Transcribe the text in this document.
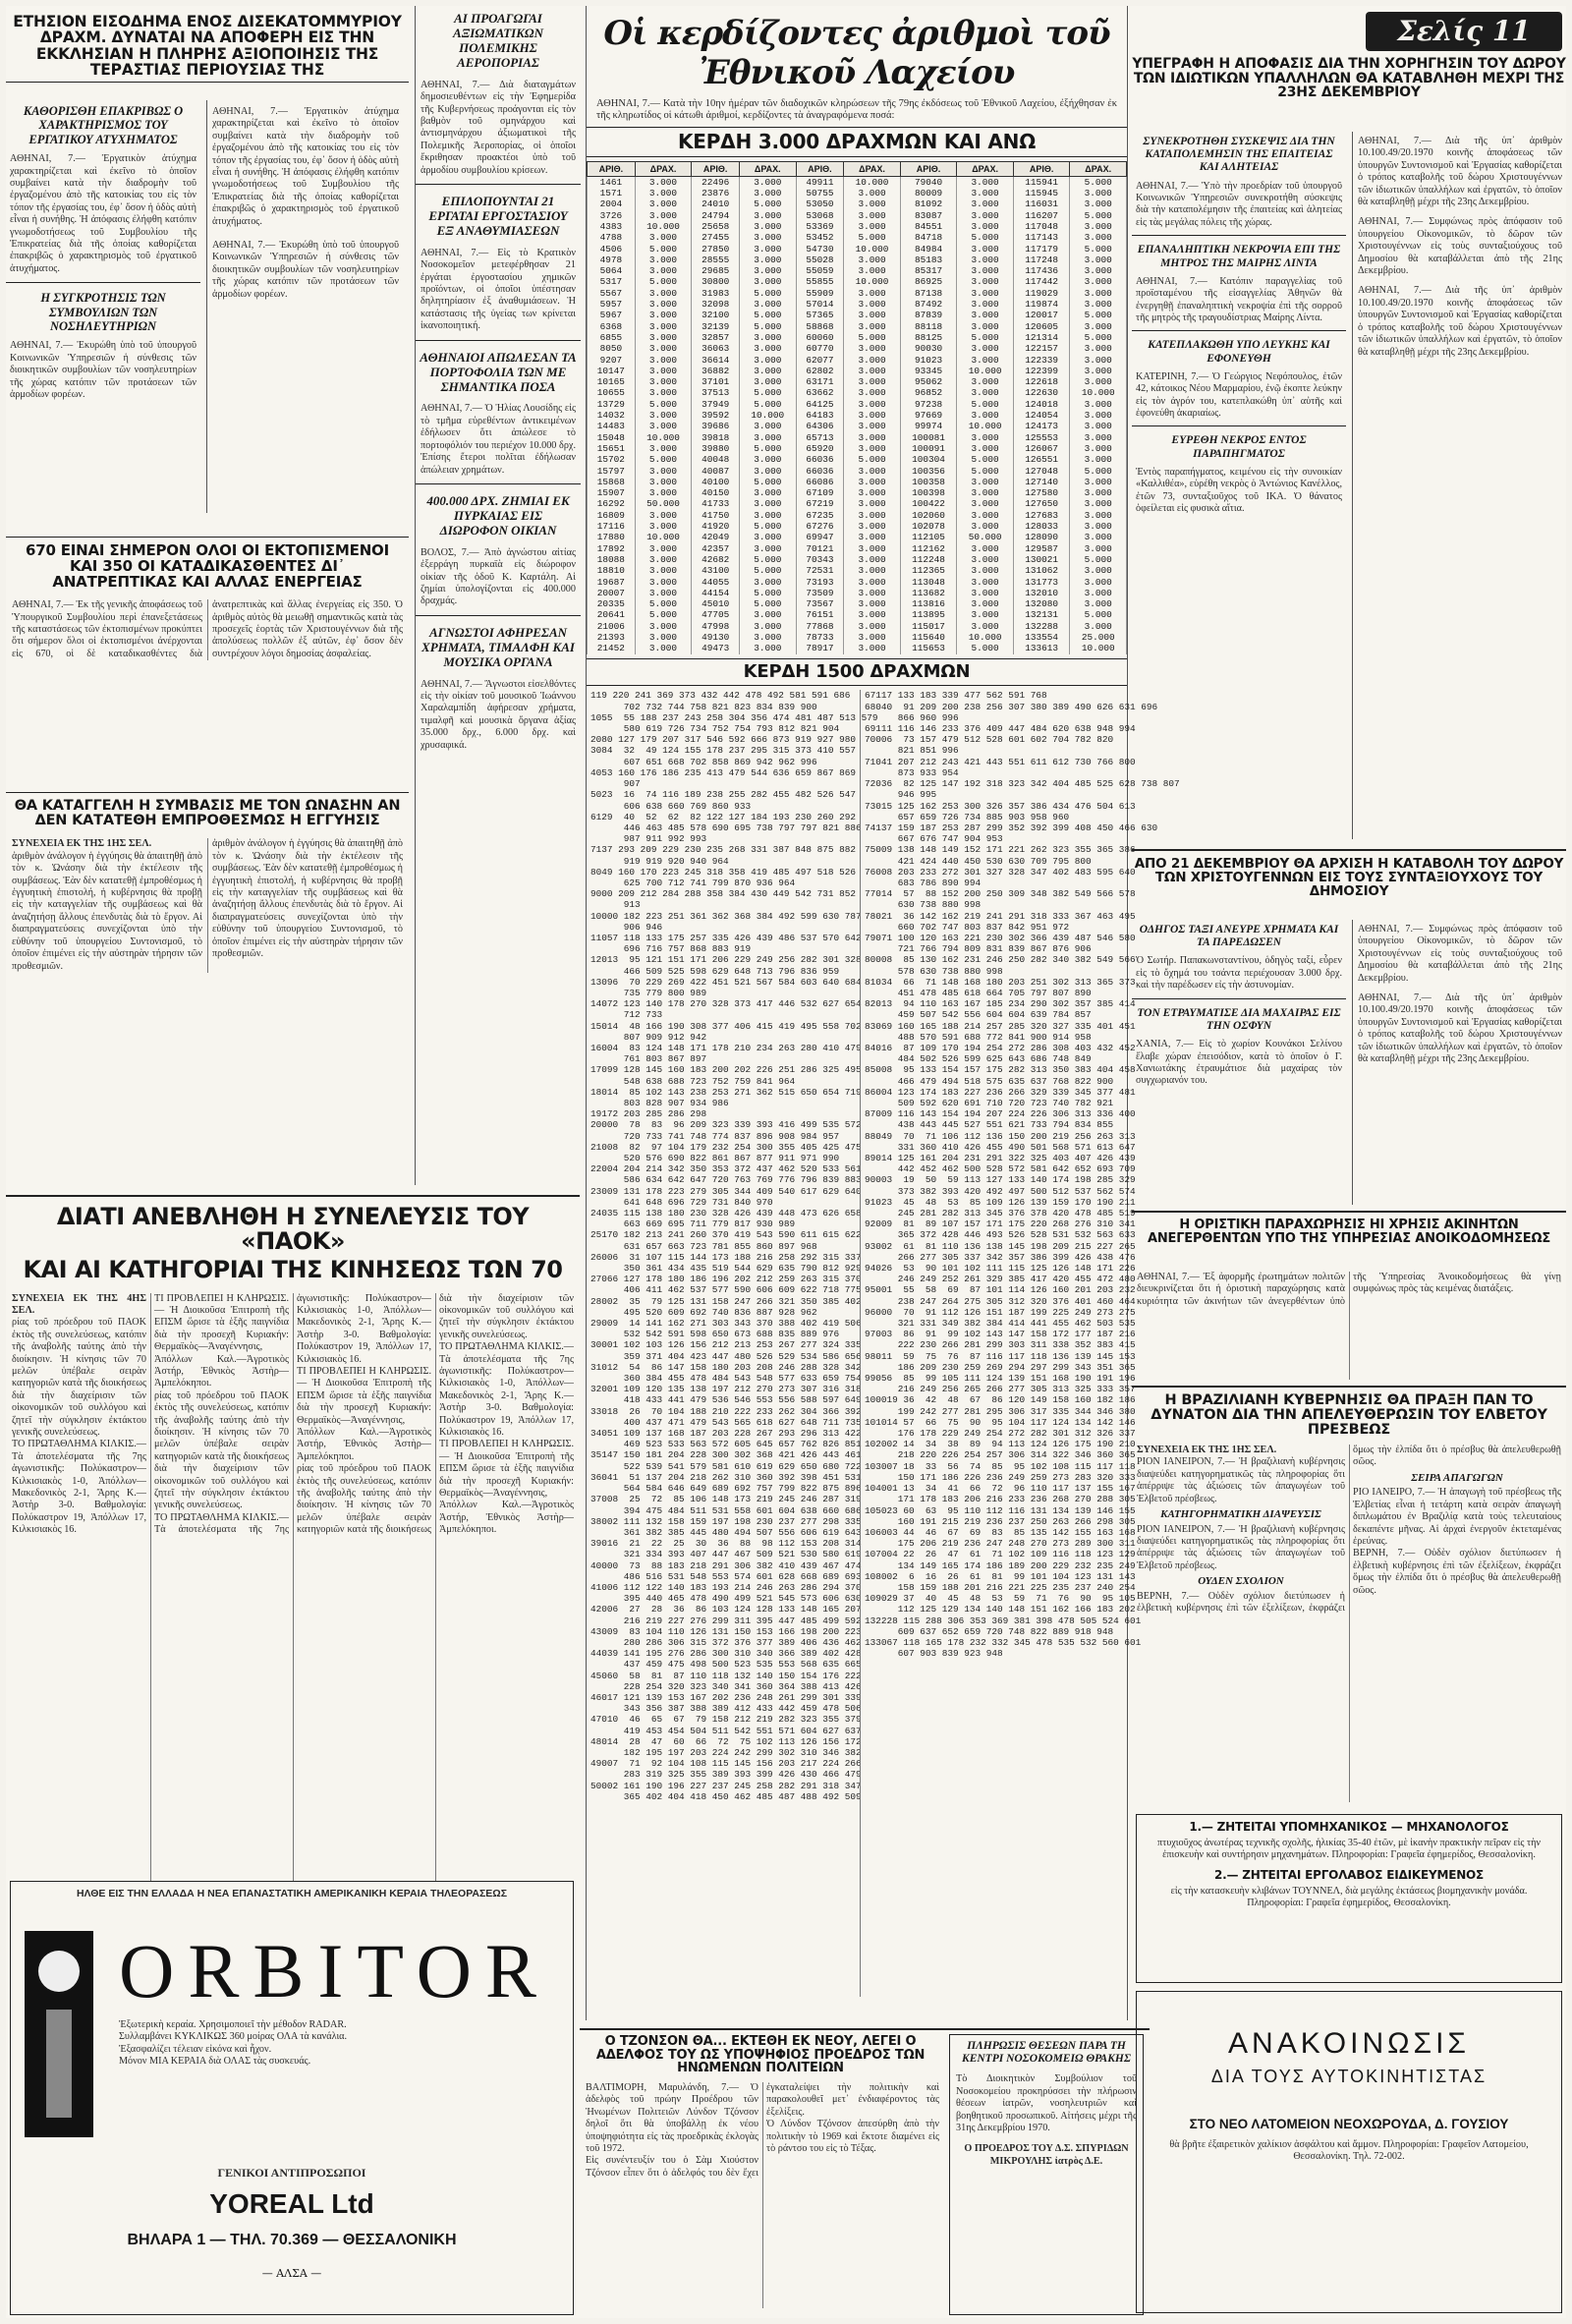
ΕΤΗΣΙΟΝ ΕΙΣΟΔΗΜΑ ΕΝΟΣ ΔΙΣΕΚΑΤΟΜΜΥΡΙΟΥ ΔΡΑΧΜ. ΔΥΝΑΤΑΙ ΝΑ ΑΠΟΦΕΡΗ ΕΙΣ ΤΗΝ ΕΚΚΛΗΣΙΑΝ Η ΠΛΗΡΗΣ ΑΞΙΟΠΟΙΗΣΙΣ ΤΗΣ ΤΕΡΑΣΤΙΑΣ ΠΕΡΙΟΥΣΙΑΣ ΤΗΣ
ΚΑΘΟΡΙΣΘΗ ΕΠΑΚΡΙΒΩΣ Ο ΧΑΡΑΚΤΗΡΙΣΜΟΣ ΤΟΥ ΕΡΓΑΤΙΚΟΥ ΑΤΥΧΗΜΑΤΟΣ
ΑΘΗΝΑΙ, 7.— Ἐργατικὸν ἀτύχημα χαρακτηρίζεται καὶ ἐκεῖνο τὸ ὁποῖον συμβαίνει κατὰ τὴν διαδρομὴν τοῦ ἐργαζομένου ἀπὸ τῆς κατοικίας του εἰς τὸν τόπον τῆς ἐργασίας του, ἐφ᾽ ὅσον ἡ ὁδὸς αὐτὴ εἶναι ἡ συνήθης. Ἡ ἀπόφασις ἐλήφθη κατόπιν γνωμοδοτήσεως τοῦ Συμβουλίου τῆς Ἐπικρατείας διὰ τῆς ὁποίας καθορίζεται ἐπακριβῶς ὁ χαρακτηρισμὸς τοῦ ἐργατικοῦ ἀτυχήματος.
Η ΣΥΓΚΡΟΤΗΣΙΣ ΤΩΝ ΣΥΜΒΟΥΛΙΩΝ ΤΩΝ ΝΟΣΗΛΕΥΤΗΡΙΩΝ
ΑΘΗΝΑΙ, 7.— Ἐκυρώθη ὑπὸ τοῦ ὑπουργοῦ Κοινωνικῶν Ὑπηρεσιῶν ἡ σύνθεσις τῶν διοικητικῶν συμβουλίων τῶν νοσηλευτηρίων τῆς χώρας κατόπιν τῶν προτάσεων τῶν ἀρμοδίων φορέων.
ΑΘΗΝΑΙ, 7.— Ἐργατικὸν ἀτύχημα χαρακτηρίζεται καὶ ἐκεῖνο τὸ ὁποῖον συμβαίνει κατὰ τὴν διαδρομὴν τοῦ ἐργαζομένου ἀπὸ τῆς κατοικίας του εἰς τὸν τόπον τῆς ἐργασίας του, ἐφ᾽ ὅσον ἡ ὁδὸς αὐτὴ εἶναι ἡ συνήθης. Ἡ ἀπόφασις ἐλήφθη κατόπιν γνωμοδοτήσεως τοῦ Συμβουλίου τῆς Ἐπικρατείας διὰ τῆς ὁποίας καθορίζεται ἐπακριβῶς ὁ χαρακτηρισμὸς τοῦ ἐργατικοῦ ἀτυχήματος.
ΑΘΗΝΑΙ, 7.— Ἐκυρώθη ὑπὸ τοῦ ὑπουργοῦ Κοινωνικῶν Ὑπηρεσιῶν ἡ σύνθεσις τῶν διοικητικῶν συμβουλίων τῶν νοσηλευτηρίων τῆς χώρας κατόπιν τῶν προτάσεων τῶν ἀρμοδίων φορέων.
670 ΕΙΝΑΙ ΣΗΜΕΡΟΝ ΟΛΟΙ ΟΙ ΕΚΤΟΠΙΣΜΕΝΟΙ ΚΑΙ 350 ΟΙ ΚΑΤΑΔΙΚΑΣΘΕΝΤΕΣ ΔΙ᾽ ΑΝΑΤΡΕΠΤΙΚΑΣ ΚΑΙ ΑΛΛΑΣ ΕΝΕΡΓΕΙΑΣ
ΑΘΗΝΑΙ, 7.— Ἐκ τῆς γενικῆς ἀποφάσεως τοῦ Ὑπουργικοῦ Συμβουλίου περὶ ἐπανεξετάσεως τῆς καταστάσεως τῶν ἐκτοπισμένων προκύπτει ὅτι σήμερον ὅλοι οἱ ἐκτοπισμένοι ἀνέρχονται εἰς 670, οἱ δὲ καταδικασθέντες διὰ ἀνατρεπτικὰς καὶ ἄλλας ἐνεργείας εἰς 350. Ὁ ἀριθμὸς αὐτὸς θὰ μειωθῇ σημαντικῶς κατὰ τὰς προσεχεῖς ἑορτὰς τῶν Χριστουγέννων διὰ τῆς ἀπολύσεως πολλῶν ἐξ αὐτῶν, ἐφ᾽ ὅσον δὲν συντρέχουν λόγοι δημοσίας ἀσφαλείας.
ΘΑ ΚΑΤΑΓΓΕΛΗ Η ΣΥΜΒΑΣΙΣ ΜΕ ΤΟΝ ΩΝΑΣΗΝ ΑΝ ΔΕΝ ΚΑΤΑΤΕΘΗ ΕΜΠΡΟΘΕΣΜΩΣ Η ΕΓΓΥΗΣΙΣ
ΣΥΝΕΧΕΙΑ ΕΚ ΤΗΣ 1ΗΣ ΣΕΛ.
ἀριθμὸν ἀνάλογον ἡ ἐγγύησις θὰ ἀπαιτηθῇ ἀπὸ τὸν κ. Ὠνάσην διὰ τὴν ἐκτέλεσιν τῆς συμβάσεως. Ἐὰν δὲν κατατεθῇ ἐμπροθέσμως ἡ ἐγγυητικὴ ἐπιστολή, ἡ κυβέρνησις θὰ προβῇ εἰς τὴν καταγγελίαν τῆς συμβάσεως καὶ θὰ ἀναζητήσῃ ἄλλους ἐπενδυτὰς διὰ τὸ ἔργον. Αἱ διαπραγματεύσεις συνεχίζονται ὑπὸ τὴν εὐθύνην τοῦ ὑπουργείου Συντονισμοῦ, τὸ ὁποῖον ἐπιμένει εἰς τὴν αὐστηρὰν τήρησιν τῶν προθεσμιῶν.
ἀριθμὸν ἀνάλογον ἡ ἐγγύησις θὰ ἀπαιτηθῇ ἀπὸ τὸν κ. Ὠνάσην διὰ τὴν ἐκτέλεσιν τῆς συμβάσεως. Ἐὰν δὲν κατατεθῇ ἐμπροθέσμως ἡ ἐγγυητικὴ ἐπιστολή, ἡ κυβέρνησις θὰ προβῇ εἰς τὴν καταγγελίαν τῆς συμβάσεως καὶ θὰ ἀναζητήσῃ ἄλλους ἐπενδυτὰς διὰ τὸ ἔργον. Αἱ διαπραγματεύσεις συνεχίζονται ὑπὸ τὴν εὐθύνην τοῦ ὑπουργείου Συντονισμοῦ, τὸ ὁποῖον ἐπιμένει εἰς τὴν αὐστηρὰν τήρησιν τῶν προθεσμιῶν.
ΑΙ ΠΡΟΑΓΩΓΑΙ ΑΞΙΩΜΑΤΙΚΩΝ ΠΟΛΕΜΙΚΗΣ ΑΕΡΟΠΟΡΙΑΣ
ΑΘΗΝΑΙ, 7.— Διὰ διαταγμάτων δημοσιευθέντων εἰς τὴν Ἐφημερίδα τῆς Κυβερνήσεως προάγονται εἰς τὸν βαθμὸν τοῦ σμηνάρχου καὶ ἀντισμηνάρχου ἀξιωματικοὶ τῆς Πολεμικῆς Ἀεροπορίας, οἱ ὁποῖοι ἔκριθησαν προακτέοι ὑπὸ τοῦ ἀρμοδίου συμβουλίου κρίσεων.
ΕΠΙΛΟΠΟΥΝΤΑΙ 21 ΕΡΓΑΤΑΙ ΕΡΓΟΣΤΑΣΙΟΥ ΕΞ ΑΝΑΘΥΜΙΑΣΕΩΝ
ΑΘΗΝΑΙ, 7.— Εἰς τὸ Κρατικὸν Νοσοκομεῖον μετεφέρθησαν 21 ἐργάται ἐργοστασίου χημικῶν προϊόντων, οἱ ὁποῖοι ὑπέστησαν δηλητηρίασιν ἐξ ἀναθυμιάσεων. Ἡ κατάστασις τῆς ὑγείας των κρίνεται ἱκανοποιητική.
ΑΘΗΝΑΙΟΙ ΑΠΩΛΕΣΑΝ ΤΑ ΠΟΡΤΟΦΟΛΙΑ ΤΩΝ ΜΕ ΣΗΜΑΝΤΙΚΑ ΠΟΣΑ
ΑΘΗΝΑΙ, 7.— Ὁ Ἠλίας Λουσίδης εἰς τὸ τμῆμα εὑρεθέντων ἀντικειμένων ἐδήλωσεν ὅτι ἀπώλεσε τὸ πορτοφόλιόν του περιέχον 10.000 δρχ. Ἐπίσης ἕτεροι πολῖται ἐδήλωσαν ἀπώλειαν χρημάτων.
400.000 ΔΡΧ. ΖΗΜΙΑΙ ΕΚ ΠΥΡΚΑΙΑΣ ΕΙΣ ΔΙΩΡΟΦΟΝ ΟΙΚΙΑΝ
ΒΟΛΟΣ, 7.— Ἀπὸ ἀγνώστου αἰτίας ἐξερράγη πυρκαϊὰ εἰς διώροφον οἰκίαν τῆς ὁδοῦ Κ. Καρτάλη. Αἱ ζημίαι ὑπολογίζονται εἰς 400.000 δραχμάς.
ΑΓΝΩΣΤΟΙ ΑΦΗΡΕΣΑΝ ΧΡΗΜΑΤΑ, ΤΙΜΑΛΦΗ ΚΑΙ ΜΟΥΣΙΚΑ ΟΡΓΑΝΑ
ΑΘΗΝΑΙ, 7.— Ἄγνωστοι εἰσελθόντες εἰς τὴν οἰκίαν τοῦ μουσικοῦ Ἰωάννου Χαραλαμπίδη ἀφήρεσαν χρήματα, τιμαλφῆ καὶ μουσικὰ ὄργανα ἀξίας 35.000 δρχ., 6.000 δρχ. καὶ χρυσαφικά.
ΔΙΑΤΙ ΑΝΕΒΛΗΘΗ Η ΣΥΝΕΛΕΥΣΙΣ ΤΟΥ «ΠΑΟΚ»
ΚΑΙ ΑΙ ΚΑΤΗΓΟΡΙΑΙ ΤΗΣ ΚΙΝΗΣΕΩΣ ΤΩΝ 70
ΣΥΝΕΧΕΙΑ ΕΚ ΤΗΣ 4ΗΣ ΣΕΛ.
ρίας τοῦ πρόεδρου τοῦ ΠΑΟΚ ἐκτὸς τῆς συνελεύσεως, κατόπιν τῆς ἀναβολῆς ταύτης ἀπὸ τὴν διοίκησιν. Ἡ κίνησις τῶν 70 μελῶν ὑπέβαλε σειρὰν κατηγοριῶν κατὰ τῆς διοικήσεως διὰ τὴν διαχείρισιν τῶν οἰκονομικῶν τοῦ συλλόγου καὶ ζητεῖ τὴν σύγκλησιν ἐκτάκτου γενικῆς συνελεύσεως.
ΤΟ ΠΡΩΤΑΘΛΗΜΑ ΚΙΛΚΙΣ.— Τὰ ἀποτελέσματα τῆς 7ης ἀγωνιστικῆς: Πολύκαστρον—Κιλκισιακὸς 1-0, Ἀπόλλων—Μακεδονικὸς 2-1, Ἄρης Κ.—Ἀστὴρ 3-0. Βαθμολογία: Πολύκαστρον 19, Ἀπόλλων 17, Κιλκισιακὸς 16.
ΤΙ ΠΡΟΒΛΕΠΕΙ Η ΚΛΗΡΩΣΙΣ.— Ἡ Διοικοῦσα Ἐπιτροπὴ τῆς ΕΠΣΜ ὥρισε τὰ ἑξῆς παιγνίδια διὰ τὴν προσεχῆ Κυριακήν: Θερμαϊκὸς—Ἀναγέννησις, Ἀπόλλων Καλ.—Ἀγροτικὸς Ἀστήρ, Ἐθνικὸς Ἀστὴρ—Ἀμπελόκηποι.
ρίας τοῦ πρόεδρου τοῦ ΠΑΟΚ ἐκτὸς τῆς συνελεύσεως, κατόπιν τῆς ἀναβολῆς ταύτης ἀπὸ τὴν διοίκησιν. Ἡ κίνησις τῶν 70 μελῶν ὑπέβαλε σειρὰν κατηγοριῶν κατὰ τῆς διοικήσεως διὰ τὴν διαχείρισιν τῶν οἰκονομικῶν τοῦ συλλόγου καὶ ζητεῖ τὴν σύγκλησιν ἐκτάκτου γενικῆς συνελεύσεως.
ΤΟ ΠΡΩΤΑΘΛΗΜΑ ΚΙΛΚΙΣ.— Τὰ ἀποτελέσματα τῆς 7ης ἀγωνιστικῆς: Πολύκαστρον—Κιλκισιακὸς 1-0, Ἀπόλλων—Μακεδονικὸς 2-1, Ἄρης Κ.—Ἀστὴρ 3-0. Βαθμολογία: Πολύκαστρον 19, Ἀπόλλων 17, Κιλκισιακὸς 16.
ΤΙ ΠΡΟΒΛΕΠΕΙ Η ΚΛΗΡΩΣΙΣ.— Ἡ Διοικοῦσα Ἐπιτροπὴ τῆς ΕΠΣΜ ὥρισε τὰ ἑξῆς παιγνίδια διὰ τὴν προσεχῆ Κυριακήν: Θερμαϊκὸς—Ἀναγέννησις, Ἀπόλλων Καλ.—Ἀγροτικὸς Ἀστήρ, Ἐθνικὸς Ἀστὴρ—Ἀμπελόκηποι.
ρίας τοῦ πρόεδρου τοῦ ΠΑΟΚ ἐκτὸς τῆς συνελεύσεως, κατόπιν τῆς ἀναβολῆς ταύτης ἀπὸ τὴν διοίκησιν. Ἡ κίνησις τῶν 70 μελῶν ὑπέβαλε σειρὰν κατηγοριῶν κατὰ τῆς διοικήσεως διὰ τὴν διαχείρισιν τῶν οἰκονομικῶν τοῦ συλλόγου καὶ ζητεῖ τὴν σύγκλησιν ἐκτάκτου γενικῆς συνελεύσεως.
ΤΟ ΠΡΩΤΑΘΛΗΜΑ ΚΙΛΚΙΣ.— Τὰ ἀποτελέσματα τῆς 7ης ἀγωνιστικῆς: Πολύκαστρον—Κιλκισιακὸς 1-0, Ἀπόλλων—Μακεδονικὸς 2-1, Ἄρης Κ.—Ἀστὴρ 3-0. Βαθμολογία: Πολύκαστρον 19, Ἀπόλλων 17, Κιλκισιακὸς 16.
ΤΙ ΠΡΟΒΛΕΠΕΙ Η ΚΛΗΡΩΣΙΣ.— Ἡ Διοικοῦσα Ἐπιτροπὴ τῆς ΕΠΣΜ ὥρισε τὰ ἑξῆς παιγνίδια διὰ τὴν προσεχῆ Κυριακήν: Θερμαϊκὸς—Ἀναγέννησις, Ἀπόλλων Καλ.—Ἀγροτικὸς Ἀστήρ, Ἐθνικὸς Ἀστὴρ—Ἀμπελόκηποι.
ΗΛΘΕ ΕΙΣ ΤΗΝ ΕΛΛΑΔΑ Η ΝΕΑ ΕΠΑΝΑΣΤΑΤΙΚΗ ΑΜΕΡΙΚΑΝΙΚΗ ΚΕΡΑΙΑ ΤΗΛΕΟΡΑΣΕΩΣ
ORBITOR
Ἐξωτερικὴ κεραία. Χρησιμοποιεῖ τὴν μέθοδον RADAR.
Συλλαμβάνει ΚΥΚΛΙΚΩΣ 360 μοίρας ΟΛΑ τὰ κανάλια.
Ἐξασφαλίζει τέλειαν εἰκόνα καὶ ἦχον.
Μόνον ΜΙΑ ΚΕΡΑΙΑ διὰ ΟΛΑΣ τὰς συσκευάς.
ΓΕΝΙΚΟΙ ΑΝΤΙΠΡΟΣΩΠΟΙ
YOREAL Ltd
ΒΗΛΑΡΑ 1 — ΤΗΛ. 70.369 — ΘΕΣΣΑΛΟΝΙΚΗ
— ΑΛΣΑ —
Οἱ κερδίζοντες ἀριθμοὶ τοῦ Ἐθνικοῦ Λαχείου
ΑΘΗΝΑΙ, 7.— Κατὰ τὴν 10ην ἡμέραν τῶν διαδοχικῶν κληρώσεων τῆς 79ης ἐκδόσεως τοῦ Ἐθνικοῦ Λαχείου, ἐξήχθησαν ἐκ τῆς κληρωτίδος οἱ κάτωθι ἀριθμοί, κερδίζοντες τὰ ἀναγραφόμενα ποσά:
ΚΕΡΔΗ 3.000 ΔΡΑΧΜΩΝ ΚΑΙ ΑΝΩ
ΑΡΙΘ.	ΔΡΑΧ.	ΑΡΙΘ.	ΔΡΑΧ.	ΑΡΙΘ.	ΔΡΑΧ.	ΑΡΙΘ.	ΔΡΑΧ.	ΑΡΙΘ.	ΔΡΑΧ.
1461	3.000	22496	3.000	49911	10.000	79040	3.000	115941	5.000
1571	3.000	23876	3.000	50755	3.000	80009	3.000	115945	3.000
2004	3.000	24010	5.000	53050	3.000	81092	3.000	116031	3.000
3726	3.000	24794	3.000	53068	3.000	83087	3.000	116207	5.000
4383	10.000	25658	3.000	53369	3.000	84551	3.000	117048	3.000
4788	3.000	27455	3.000	53452	5.000	84718	5.000	117143	3.000
4506	5.000	27850	3.000	54730	10.000	84984	3.000	117179	5.000
4978	3.000	28555	3.000	55028	3.000	85183	3.000	117248	3.000
5064	3.000	29685	3.000	55059	3.000	85317	3.000	117436	3.000
5317	5.000	30800	3.000	55855	10.000	86925	3.000	117442	3.000
5567	3.000	31983	5.000	55909	3.000	87138	3.000	119029	3.000
5957	3.000	32098	3.000	57014	3.000	87492	3.000	119874	3.000
5967	3.000	32100	5.000	57365	3.000	87839	3.000	120017	5.000
6368	3.000	32139	5.000	58868	3.000	88118	3.000	120605	3.000
6855	3.000	32857	3.000	60060	5.000	88125	5.000	121314	5.000
8050	3.000	36063	3.000	60770	3.000	90030	3.000	122157	3.000
9207	3.000	36614	3.000	62077	3.000	91023	3.000	122339	3.000
10147	3.000	36882	3.000	62802	3.000	93345	10.000	122399	3.000
10165	3.000	37101	3.000	63171	3.000	95062	3.000	122618	3.000
10655	3.000	37513	5.000	63662	3.000	96852	3.000	122630	10.000
13729	5.000	37949	5.000	64125	3.000	97238	5.000	124018	3.000
14032	3.000	39592	10.000	64183	3.000	97669	3.000	124054	3.000
14483	3.000	39686	3.000	64306	3.000	99974	10.000	124173	3.000
15048	10.000	39818	3.000	65713	3.000	100081	3.000	125553	3.000
15651	3.000	39880	5.000	65920	3.000	100091	3.000	126067	3.000
15702	5.000	40048	3.000	66036	5.000	100304	5.000	126551	3.000
15797	3.000	40087	3.000	66036	3.000	100356	5.000	127048	5.000
15868	3.000	40100	5.000	66086	3.000	100358	3.000	127140	3.000
15907	3.000	40150	3.000	67109	3.000	100398	3.000	127580	3.000
16292	50.000	41733	3.000	67219	3.000	100422	3.000	127650	3.000
16809	3.000	41750	3.000	67235	3.000	102060	3.000	127683	3.000
17116	3.000	41920	5.000	67276	3.000	102078	3.000	128033	3.000
17880	10.000	42049	3.000	69947	3.000	112105	50.000	128090	3.000
17892	3.000	42357	3.000	70121	3.000	112162	3.000	129587	3.000
18088	3.000	42682	5.000	70343	3.000	112248	3.000	130021	5.000
18810	3.000	43100	5.000	72531	3.000	112365	3.000	131062	3.000
19687	3.000	44055	3.000	73193	3.000	113048	3.000	131773	3.000
20007	3.000	44154	5.000	73509	3.000	113682	3.000	132010	3.000
20335	5.000	45010	5.000	73567	3.000	113816	3.000	132080	3.000
20641	5.000	47705	3.000	76151	3.000	113895	3.000	132131	5.000
21006	3.000	47998	3.000	77868	3.000	115017	3.000	132288	3.000
21393	3.000	49130	3.000	78733	3.000	115640	10.000	133554	25.000
21452	3.000	49473	3.000	78917	3.000	115653	5.000	133613	10.000
ΚΕΡΔΗ 1500 ΔΡΑΧΜΩΝ
119 220 241 369 373 432 442 478 492 581 591 686
702 732 744 758 821 823 834 839 900
1055  55 188 237 243 258 304 356 474 481 487 513 579
580 619 726 734 752 754 793 812 821 904
2080 127 179 207 317 546 592 666 873 919 927 980
3084  32  49 124 155 178 237 295 315 373 410 557
607 651 668 702 858 869 942 962 996
4053 160 176 186 235 413 479 544 636 659 867 869
907
5023  16  74 116 189 238 255 282 455 482 526 547
606 638 660 769 860 933
6129  40  52  62  82 122 127 184 193 230 260 292
446 463 485 578 690 695 738 797 797 821 886
987 911 992 993
7137 293 209 229 230 235 268 331 387 848 875 882
919 919 920 940 964
8049 160 170 223 245 318 358 419 485 497 518 526
625 700 712 741 799 870 936 964
9000 209 212 284 288 358 384 430 449 542 731 852
913
10000 182 223 251 361 362 368 384 492 599 630 787
906 946
11057 118 133 175 257 335 426 439 486 537 570 642
696 716 757 868 883 919
12013  95 121 151 171 206 229 249 256 282 301 328
466 509 525 598 629 648 713 796 836 959
13096  70 229 269 422 451 521 567 584 603 640 684
735 779 800 989
14072 123 140 178 270 328 373 417 446 532 627 654
712 733
15014  48 166 190 308 377 406 415 419 495 558 702
807 909 912 942
16004  83 124 148 171 178 210 234 263 280 410 479
761 803 867 897
17099 128 145 160 183 200 202 226 251 286 325 495
548 638 688 723 752 759 841 964
18014  85 102 143 238 253 271 362 515 650 654 719
803 828 907 934 986
19172 203 285 286 298
20000  78  83  96 209 323 339 393 416 499 535 572
720 733 741 748 774 837 896 908 984 957
21008  82  97 104 179 232 254 300 355 405 425 475
520 576 690 822 861 867 877 911 971 990
22004 204 214 342 350 353 372 437 462 520 533 561
586 634 642 647 720 763 769 776 796 839 883
23009 131 178 223 279 305 344 409 540 617 629 640
641 648 696 729 731 840 970
24035 115 138 180 230 328 426 439 448 473 626 658
663 669 695 711 779 817 930 989
25170 182 213 241 260 370 419 543 590 611 615 622
631 657 663 723 781 855 860 897 968
26006  31 107 115 144 173 188 216 258 292 315 337
350 361 434 435 519 544 629 635 790 812 929
27066 127 178 180 186 196 202 212 259 263 315 370
406 411 462 537 577 590 606 609 622 718 775
28002  35  79 125 131 158 247 266 321 350 385 402
495 520 609 692 740 836 887 928 962
29009  14 141 162 271 303 343 370 388 402 419 506
532 542 591 598 650 673 688 835 889 976
30001 102 103 126 156 212 213 253 267 277 324 335
359 371 404 423 447 480 526 529 534 586 656
31012  54  86 147 158 180 203 208 246 288 328 342
360 384 455 478 484 543 548 577 633 659 754
32001 109 120 135 138 197 212 270 273 307 316 318
418 433 441 479 536 546 553 556 588 597 649
33018  26  70 104 188 210 222 233 262 304 366 392
400 437 471 479 543 565 618 627 648 711 735
34051 109 137 168 187 203 228 267 293 296 313 422
469 523 533 563 572 605 645 657 762 826 851
35147 150 181 204 228 300 302 368 421 426 443 461
522 539 541 579 581 610 619 629 650 680 722
36041  51 137 204 218 262 310 360 392 398 451 531
564 584 646 649 689 692 757 799 822 875 896
37008  25  72  85 106 148 173 219 245 246 287 319
394 475 484 511 531 558 601 604 638 660 686
38002 111 132 158 159 197 198 230 237 277 298 335
361 382 385 445 480 494 507 556 606 619 643
39016  21  22  25  30  36  88  98 112 153 208 314
321 334 393 407 447 467 509 521 530 580 619
40000  73  88 183 218 291 306 382 410 439 467 474
486 516 531 548 553 574 601 628 668 689 693
41006 112 122 140 183 193 214 246 263 286 294 370
395 440 465 478 490 499 521 545 573 606 630
42006  27  28  36  86 103 124 128 133 148 165 207
216 219 227 276 299 311 395 447 485 499 592
43009  83 104 110 126 131 150 153 166 198 200 223
280 286 306 315 372 376 377 389 406 436 462
44039 141 195 276 286 300 310 340 366 389 402 428
437 459 475 498 500 523 535 553 568 635 665
45060  58  81  87 110 118 132 140 150 154 176 222
228 254 320 323 340 341 360 364 388 413 426
46017 121 139 153 167 202 236 248 261 299 301 339
343 356 387 388 389 412 433 442 459 478 506
47010  46  65  67  79 158 212 219 282 323 355 379
419 453 454 504 511 542 551 571 604 627 637
48014  28  47  60  66  72  75 102 113 126 156 172
182 195 197 203 224 242 299 302 310 346 382
49007  71  92 104 108 115 145 156 203 217 224 266
283 319 325 355 389 393 399 426 430 466 479
50002 161 190 196 227 237 245 258 282 291 318 347
365 402 404 418 450 462 485 487 488 492 509
67117 133 183 339 477 562 591 768
68040  91 209 200 238 256 307 380 389 490 626 631 696
866 960 996
69111 116 146 233 376 409 447 484 620 638 948 994
70006  73 157 479 512 528 601 602 704 782 820
821 851 996
71041 207 212 243 421 443 551 611 612 730 766 800
873 933 954
72036  82 125 147 192 318 323 342 404 485 525 628 738 807
946 995
73015 125 162 253 300 326 357 386 434 476 504 613
657 659 726 734 885 903 958 960
74137 159 187 253 287 299 352 392 399 408 450 466 630
667 676 747 904 953
75009 138 148 149 152 171 221 262 323 355 365 386
421 424 440 450 530 630 709 795 800
76008 203 233 272 301 327 328 347 402 483 595 640
683 786 890 994
77014  57  88 152 200 250 309 348 382 549 566 578
630 738 880 998
78021  36 142 162 219 241 291 318 333 367 463 495
660 702 747 803 837 842 951 972
79071 100 120 163 221 230 302 366 439 487 546 580
721 766 794 809 831 839 867 876 906
80008  85 130 162 231 246 250 282 340 382 549 566
578 630 738 880 998
81034  66  71 148 168 180 203 251 302 313 365 373
451 478 485 618 664 705 797 807 890
82013  94 110 163 167 185 234 290 302 357 385 414
459 507 542 556 604 604 639 784 857
83069 160 165 188 214 257 285 320 327 335 401 451
488 570 591 688 772 841 900 914 958
84016  87 109 170 194 254 272 286 308 403 432 452
484 502 526 599 625 643 686 748 849
85008  95 133 154 157 175 282 313 350 383 404 458
466 479 494 518 575 635 637 768 822 900
86004 123 174 183 227 236 266 329 339 345 377 481
509 592 620 691 710 720 723 740 782 921
87009 116 143 154 194 207 224 226 306 313 336 400
438 443 445 527 551 621 733 794 834 855
88049  70  71 106 112 136 150 200 219 256 263 313
331 360 410 426 455 490 501 568 571 613 647
89014 125 161 204 231 291 322 325 403 407 426 439
442 452 462 500 528 572 581 642 652 693 709
90003  19  50  59 113 127 133 140 174 198 285 329
373 382 393 420 492 497 500 512 537 562 574
91023  45  48  53  85 109 126 139 159 170 190 211
245 281 282 313 345 376 378 420 478 485 519
92009  81  89 107 157 171 175 220 268 276 310 341
365 372 428 446 493 526 528 531 532 563 633
93002  61  81 110 136 138 145 198 209 215 227 265
266 277 305 337 342 357 386 399 426 438 476
94026  53  90 101 102 111 115 125 126 148 171 226
246 249 252 261 329 385 417 420 455 472 480
95001  55  58  69  87 101 114 126 160 201 203 232
238 247 264 275 305 312 320 376 401 460 464
96000  70  91 112 126 151 187 199 225 249 273 275
321 331 349 382 384 414 441 455 462 503 535
97003  86  91  99 102 143 147 158 172 177 187 216
222 230 266 281 299 303 311 338 352 383 415
98011  59  75  76  87 116 117 118 136 139 145 153
186 209 230 259 269 294 297 299 343 351 365
99056  85  99 105 111 124 139 151 168 190 191 196
216 249 256 265 266 277 305 313 325 333 357
100019 36  42  48  67  86 120 149 158 160 182 186
199 242 277 281 295 306 317 335 344 346 380
101014 57  66  75  90  95 104 117 124 134 142 146
176 178 229 249 254 272 282 301 312 326 337
102002 14  34  38  89  94 113 124 126 175 190 210
218 220 226 254 257 306 314 322 346 360 365
103007 18  33  56  74  85  95 102 108 115 117 118
150 171 186 226 236 249 259 273 283 320 333
104001 13  34  41  66  72  96 110 117 137 155 167
171 178 183 206 216 233 236 268 270 288 305
105023 60  63  95 110 112 116 131 134 139 146 155
160 191 215 219 236 237 250 263 266 298 305
106003 44  46  67  69  83  85 135 142 155 163 168
175 206 219 236 247 248 270 273 289 300 311
107004 22  26  47  61  71 102 109 116 118 123 129
134 149 165 174 186 189 200 229 232 235 249
108002  6  16  26  61  81  99 101 104 123 131 143
158 159 188 201 216 221 225 235 237 240 254
109029 37  40  45  48  53  59  71  76  90  95 105
112 125 129 134 140 148 151 162 166 183 202
132228 115 288 306 353 369 381 398 478 505 524 601
609 637 652 659 720 748 822 889 918 948
133067 118 165 178 232 332 345 478 535 532 560 601
607 903 839 923 948
Ο ΤΖΟΝΣΟΝ ΘΑ... ΕΚΤΕΘΗ ΕΚ ΝΕΟΥ, ΛΕΓΕΙ Ο ΑΔΕΛΦΟΣ ΤΟΥ ΩΣ ΥΠΟΨΗΦΙΟΣ ΠΡΟΕΔΡΟΣ ΤΩΝ ΗΝΩΜΕΝΩΝ ΠΟΛΙΤΕΙΩΝ
ΒΑΛΤΙΜΟΡΗ, Μαρυλάνδη, 7.— Ὁ ἀδελφὸς τοῦ πρώην Προέδρου τῶν Ἡνωμένων Πολιτειῶν Λύνδον Τζόνσον δηλοῖ ὅτι θὰ ὑποβάλλῃ ἐκ νέου ὑποψηφιότητα εἰς τὰς προεδρικὰς ἐκλογὰς τοῦ 1972.
Εἰς συνέντευξίν του ὁ Σὰμ Χιούστον Τζόνσον εἶπεν ὅτι ὁ ἀδελφός του δὲν ἔχει ἐγκαταλείψει τὴν πολιτικὴν καὶ παρακολουθεῖ μετ᾽ ἐνδιαφέροντος τὰς ἐξελίξεις.
Ὁ Λύνδον Τζόνσον ἀπεσύρθη ἀπὸ τὴν πολιτικὴν τὸ 1969 καὶ ἔκτοτε διαμένει εἰς τὸ ράντσο του εἰς τὸ Τέξας.
ΠΛΗΡΩΣΙΣ ΘΕΣΕΩΝ ΠΑΡΑ ΤΗ ΚΕΝΤΡΙ ΝΟΣΟΚΟΜΕΙΩ ΘΡΑΚΗΣ
Τὸ Διοικητικὸν Συμβούλιον τοῦ Νοσοκομείου προκηρύσσει τὴν πλήρωσιν θέσεων ἰατρῶν, νοσηλευτριῶν καὶ βοηθητικοῦ προσωπικοῦ. Αἰτήσεις μέχρι τῆς 31ης Δεκεμβρίου 1970.
Ο ΠΡΟΕΔΡΟΣ ΤΟΥ Δ.Σ. ΣΠΥΡΙΔΩΝ ΜΙΚΡΟΥΛΗΣ ἰατρὸς Δ.Ε.
Σελίς 11
ΥΠΕΓΡΑΦΗ Η ΑΠΟΦΑΣΙΣ ΔΙΑ ΤΗΝ ΧΟΡΗΓΗΣΙΝ ΤΟΥ ΔΩΡΟΥ ΤΩΝ ΙΔΙΩΤΙΚΩΝ ΥΠΑΛΛΗΛΩΝ ΘΑ ΚΑΤΑΒΛΗΘΗ ΜΕΧΡΙ ΤΗΣ 23ΗΣ ΔΕΚΕΜΒΡΙΟΥ
ΣΥΝΕΚΡΟΤΗΘΗ ΣΥΣΚΕΨΙΣ ΔΙΑ ΤΗΝ ΚΑΤΑΠΟΛΕΜΗΣΙΝ ΤΗΣ ΕΠΑΙΤΕΙΑΣ ΚΑΙ ΑΛΗΤΕΙΑΣ
ΑΘΗΝΑΙ, 7.— Ὑπὸ τὴν προεδρίαν τοῦ ὑπουργοῦ Κοινωνικῶν Ὑπηρεσιῶν συνεκροτήθη σύσκεψις διὰ τὴν καταπολέμησιν τῆς ἐπαιτείας καὶ ἀλητείας εἰς τὰς μεγάλας πόλεις τῆς χώρας.
ΕΠΑΝΑΛΗΠΤΙΚΗ ΝΕΚΡΟΨΙΑ ΕΠΙ ΤΗΣ ΜΗΤΡΟΣ ΤΗΣ ΜΑΙΡΗΣ ΛΙΝΤΑ
ΑΘΗΝΑΙ, 7.— Κατόπιν παραγγελίας τοῦ προϊσταμένου τῆς εἰσαγγελίας Ἀθηνῶν θὰ ἐνεργηθῇ ἐπαναληπτικὴ νεκροψία ἐπὶ τῆς σορροῦ τῆς μητρὸς τῆς τραγουδίστριας Μαίρης Λίντα.
ΚΑΤΕΠΛΑΚΩΘΗ ΥΠΟ ΛΕΥΚΗΣ ΚΑΙ ΕΦΟΝΕΥΘΗ
ΚΑΤΕΡΙΝΗ, 7.— Ὁ Γεώργιος Νεφόπουλος, ἐτῶν 42, κάτοικος Νέου Μαρμαρίου, ἐνῷ ἐκοπτε λεύκην εἰς τὸν ἀγρόν του, κατεπλακώθη ὑπ᾽ αὐτῆς καὶ ἐφονεύθη ἀκαριαίως.
ΕΥΡΕΘΗ ΝΕΚΡΟΣ ΕΝΤΟΣ ΠΑΡΑΠΗΓΜΑΤΟΣ
Ἐντὸς παραπήγματος, κειμένου εἰς τὴν συνοικίαν «Καλλιθέα», εὑρέθη νεκρὸς ὁ Ἀντώνιος Κανέλλος, ἐτῶν 73, συνταξιοῦχος τοῦ ΙΚΑ. Ὁ θάνατος ὀφείλεται εἰς φυσικὰ αἴτια.
ΑΘΗΝΑΙ, 7.— Διὰ τῆς ὑπ᾽ ἀριθμὸν 10.100.49/20.1970 κοινῆς ἀποφάσεως τῶν ὑπουργῶν Συντονισμοῦ καὶ Ἐργασίας καθορίζεται ὁ τρόπος καταβολῆς τοῦ δώρου Χριστουγέννων τῶν ἰδιωτικῶν ὑπαλλήλων καὶ ἐργατῶν, τὸ ὁποῖον θὰ καταβληθῇ μέχρι τῆς 23ης Δεκεμβρίου.
ΑΘΗΝΑΙ, 7.— Συμφώνως πρὸς ἀπόφασιν τοῦ ὑπουργείου Οἰκονομικῶν, τὸ δῶρον τῶν Χριστουγέννων εἰς τοὺς συνταξιούχους τοῦ Δημοσίου θὰ καταβάλλεται ἀπὸ τῆς 21ης Δεκεμβρίου.
ΑΘΗΝΑΙ, 7.— Διὰ τῆς ὑπ᾽ ἀριθμὸν 10.100.49/20.1970 κοινῆς ἀποφάσεως τῶν ὑπουργῶν Συντονισμοῦ καὶ Ἐργασίας καθορίζεται ὁ τρόπος καταβολῆς τοῦ δώρου Χριστουγέννων τῶν ἰδιωτικῶν ὑπαλλήλων καὶ ἐργατῶν, τὸ ὁποῖον θὰ καταβληθῇ μέχρι τῆς 23ης Δεκεμβρίου.
ΑΠΟ 21 ΔΕΚΕΜΒΡΙΟΥ ΘΑ ΑΡΧΙΣΗ Η ΚΑΤΑΒΟΛΗ ΤΟΥ ΔΩΡΟΥ ΤΩΝ ΧΡΙΣΤΟΥΓΕΝΝΩΝ ΕΙΣ ΤΟΥΣ ΣΥΝΤΑΞΙΟΥΧΟΥΣ ΤΟΥ ΔΗΜΟΣΙΟΥ
ΟΔΗΓΟΣ ΤΑΞΙ ΑΝΕΥΡΕ ΧΡΗΜΑΤΑ ΚΑΙ ΤΑ ΠΑΡΕΔΩΣΕΝ
Ὁ Σωτήρ. Παπακωνσταντίνου, ὁδηγὸς ταξί, εὗρεν εἰς τὸ ὄχημά του τσάντα περιέχουσαν 3.000 δρχ. καὶ τὴν παρέδωσεν εἰς τὴν ἀστυνομίαν.
ΤΟΝ ΕΤΡΑΥΜΑΤΙΣΕ ΔΙΑ ΜΑΧΑΙΡΑΣ ΕΙΣ ΤΗΝ ΟΣΦΥΝ
ΧΑΝΙΑ, 7.— Εἰς τὸ χωρίον Κουνάκοι Σελίνου ἔλαβε χώραν ἐπεισόδιον, κατὰ τὸ ὁποῖον ὁ Γ. Χανιωτάκης ἐτραυμάτισε διὰ μαχαίρας τὸν συγχωριανόν του.
ΑΘΗΝΑΙ, 7.— Συμφώνως πρὸς ἀπόφασιν τοῦ ὑπουργείου Οἰκονομικῶν, τὸ δῶρον τῶν Χριστουγέννων εἰς τοὺς συνταξιούχους τοῦ Δημοσίου θὰ καταβάλλεται ἀπὸ τῆς 21ης Δεκεμβρίου.
ΑΘΗΝΑΙ, 7.— Διὰ τῆς ὑπ᾽ ἀριθμὸν 10.100.49/20.1970 κοινῆς ἀποφάσεως τῶν ὑπουργῶν Συντονισμοῦ καὶ Ἐργασίας καθορίζεται ὁ τρόπος καταβολῆς τοῦ δώρου Χριστουγέννων τῶν ἰδιωτικῶν ὑπαλλήλων καὶ ἐργατῶν, τὸ ὁποῖον θὰ καταβληθῇ μέχρι τῆς 23ης Δεκεμβρίου.
Η ΟΡΙΣΤΙΚΗ ΠΑΡΑΧΩΡΗΣΙΣ ΗΙ ΧΡΗΣΙΣ ΑΚΙΝΗΤΩΝ ΑΝΕΓΕΡΘΕΝΤΩΝ ΥΠΟ ΤΗΣ ΥΠΗΡΕΣΙΑΣ ΑΝΟΙΚΟΔΟΜΗΣΕΩΣ
ΑΘΗΝΑΙ, 7.— Ἐξ ἀφορμῆς ἐρωτημάτων πολιτῶν διευκρινίζεται ὅτι ἡ ὁριστικὴ παραχώρησις κατὰ κυριότητα τῶν ἀκινήτων τῶν ἀνεγερθέντων ὑπὸ τῆς Ὑπηρεσίας Ἀνοικοδομήσεως θὰ γίνῃ συμφώνως πρὸς τὰς κειμένας διατάξεις.
Η ΒΡΑΖΙΛΙΑΝΗ ΚΥΒΕΡΝΗΣΙΣ ΘΑ ΠΡΑΞΗ ΠΑΝ ΤΟ ΔΥΝΑΤΟΝ ΔΙΑ ΤΗΝ ΑΠΕΛΕΥΘΕΡΩΣΙΝ ΤΟΥ ΕΛΒΕΤΟΥ ΠΡΕΣΒΕΩΣ
ΣΥΝΕΧΕΙΑ ΕΚ ΤΗΣ 1ΗΣ ΣΕΛ.
ΡΙΟΝ ΙΑΝΕΙΡΟΝ, 7.— Ἡ βραζιλιανὴ κυβέρνησις διαψεύδει κατηγορηματικῶς τὰς πληροφορίας ὅτι ἀπέρριψε τὰς ἀξιώσεις τῶν ἀπαγωγέων τοῦ Ἐλβετοῦ πρέσβεως.
ΚΑΤΗΓΟΡΗΜΑΤΙΚΗ ΔΙΑΨΕΥΣΙΣ
ΡΙΟΝ ΙΑΝΕΙΡΟΝ, 7.— Ἡ βραζιλιανὴ κυβέρνησις διαψεύδει κατηγορηματικῶς τὰς πληροφορίας ὅτι ἀπέρριψε τὰς ἀξιώσεις τῶν ἀπαγωγέων τοῦ Ἐλβετοῦ πρέσβεως.
ΟΥΔΕΝ ΣΧΟΛΙΟΝ
ΒΕΡΝΗ, 7.— Οὐδὲν σχόλιον διετύπωσεν ἡ ἐλβετικὴ κυβέρνησις ἐπὶ τῶν ἐξελίξεων, ἐκφράζει ὅμως τὴν ἐλπίδα ὅτι ὁ πρέσβυς θὰ ἀπελευθερωθῇ σῶος.
ΣΕΙΡΑ ΑΠΑΓΩΓΩΝ
ΡΙΟ ΙΑΝΕΙΡΟ, 7.— Ἡ ἀπαγωγὴ τοῦ πρέσβεως τῆς Ἐλβετίας εἶναι ἡ τετάρτη κατὰ σειρὰν ἀπαγωγὴ διπλωμάτου ἐν Βραζιλίᾳ κατὰ τοὺς τελευταίους δεκαπέντε μῆνας. Αἱ ἀρχαὶ ἐνεργοῦν ἐκτεταμένας ἐρεύνας.
ΒΕΡΝΗ, 7.— Οὐδὲν σχόλιον διετύπωσεν ἡ ἐλβετικὴ κυβέρνησις ἐπὶ τῶν ἐξελίξεων, ἐκφράζει ὅμως τὴν ἐλπίδα ὅτι ὁ πρέσβυς θὰ ἀπελευθερωθῇ σῶος.
1.— ΖΗΤΕΙΤΑΙ ΥΠΟΜΗΧΑΝΙΚΟΣ — ΜΗΧΑΝΟΛΟΓΟΣ
πτυχιοῦχος ἀνωτέρας τεχνικῆς σχολῆς, ἡλικίας 35-40 ἐτῶν, μὲ ἱκανὴν πρακτικὴν πεῖραν εἰς τὴν ἐπισκευὴν καὶ συντήρησιν μηχανημάτων. Πληροφορίαι: Γραφεῖα ἐφημερίδος, Θεσσαλονίκη.
2.— ΖΗΤΕΙΤΑΙ ΕΡΓΟΛΑΒΟΣ ΕΙΔΙΚΕΥΜΕΝΟΣ
εἰς τὴν κατασκευὴν κλιβάνων ΤΟΥΝΝΕΛ, διὰ μεγάλης ἐκτάσεως βιομηχανικὴν μονάδα. Πληροφορίαι: Γραφεῖα ἐφημερίδος, Θεσσαλονίκη.
ΑΝΑΚΟΙΝΩΣΙΣ
ΔΙΑ ΤΟΥΣ ΑΥΤΟΚΙΝΗΤΙΣΤΑΣ
ΣΤΟ ΝΕΟ ΛΑΤΟΜΕΙΟΝ ΝΕΟΧΩΡΟΥΔΑ, Δ. ΓΟΥΣΙΟΥ
θὰ βρῆτε ἐξαιρετικὸν χαλίκιον ἀσφάλτου καὶ ἄμμον. Πληροφορίαι: Γραφεῖον Λατομείου, Θεσσαλονίκη. Τηλ. 72-002.
